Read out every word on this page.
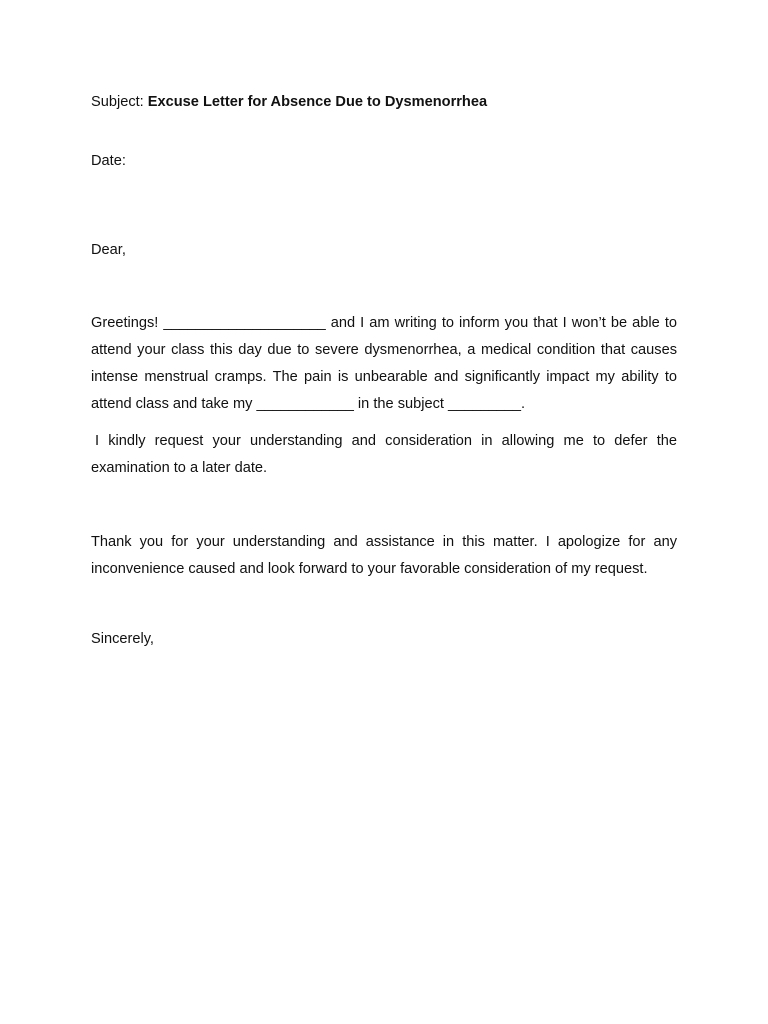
Subject: Excuse Letter for Absence Due to Dysmenorrhea

Date:

Dear,

Greetings! ____________________ and I am writing to inform you that I won’t be able to attend your class this day due to severe dysmenorrhea, a medical condition that causes intense menstrual cramps. The pain is unbearable and significantly impact my ability to attend class and take my ____________ in the subject _________.

I kindly request your understanding and consideration in allowing me to defer the examination to a later date.

Thank you for your understanding and assistance in this matter. I apologize for any inconvenience caused and look forward to your favorable consideration of my request.

Sincerely,
